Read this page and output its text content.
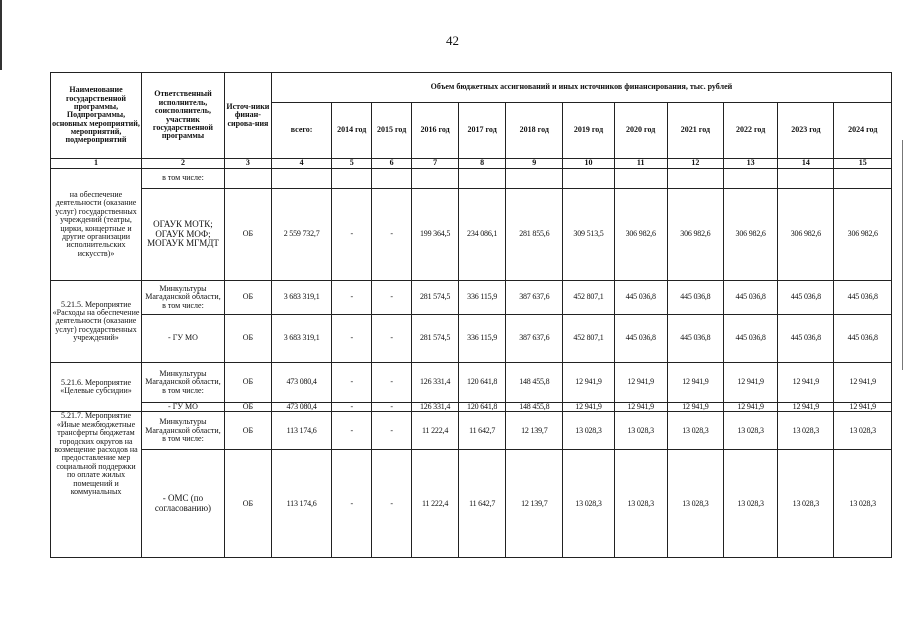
42
Наименование государственной программы, Подпрограммы, основных мероприятий, мероприятий, подмероприятий	Ответственный исполнитель, соисполнитель, участник государственной программы	Источ-ники финан-сирова-ния	Объем бюджетных ассигнований и иных источников финансирования, тыс. рублей											
			всего:	2014 год	2015 год	2016 год	2017 год	2018 год	2019 год	2020 год	2021 год	2022 год	2023 год	2024 год
1	2	3	4	5	6	7	8	9	10	11	12	13	14	15
на обеспечение деятельности (оказание услуг) государственных учреждений (театры, цирки, концертные и другие организации исполнительских искусств)»	в том числе:													
	ОГАУК МОТК; ОГАУК МОФ; МОГАУК МГМДТ	ОБ	2 559 732,7	-	-	199 364,5	234 086,1	281 855,6	309 513,5	306 982,6	306 982,6	306 982,6	306 982,6	306 982,6
5.21.5. Мероприятие «Расходы на обеспечение деятельности (оказание услуг) государственных учреждений»	Минкультуры Магаданской области, в том числе:	ОБ	3 683 319,1	-	-	281 574,5	336 115,9	387 637,6	452 807,1	445 036,8	445 036,8	445 036,8	445 036,8	445 036,8
	- ГУ МО	ОБ	3 683 319,1	-	-	281 574,5	336 115,9	387 637,6	452 807,1	445 036,8	445 036,8	445 036,8	445 036,8	445 036,8
5.21.6. Мероприятие «Целевые субсидии»	Минкультуры Магаданской области, в том числе:	ОБ	473 080,4	-	-	126 331,4	120 641,8	148 455,8	12 941,9	12 941,9	12 941,9	12 941,9	12 941,9	12 941,9
	- ГУ МО	ОБ	473 080,4	-	-	126 331,4	120 641,8	148 455,8	12 941,9	12 941,9	12 941,9	12 941,9	12 941,9	12 941,9
5.21.7. Мероприятие «Иные межбюджетные трансферты бюджетам городских округов на возмещение расходов на предоставление мер социальной поддержки по оплате жилых помещений и коммунальных	Минкультуры Магаданской области, в том числе:	ОБ	113 174,6	-	-	11 222,4	11 642,7	12 139,7	13 028,3	13 028,3	13 028,3	13 028,3	13 028,3	13 028,3
	- ОМС (по согласованию)	ОБ	113 174,6	-	-	11 222,4	11 642,7	12 139,7	13 028,3	13 028,3	13 028,3	13 028,3	13 028,3	13 028,3
